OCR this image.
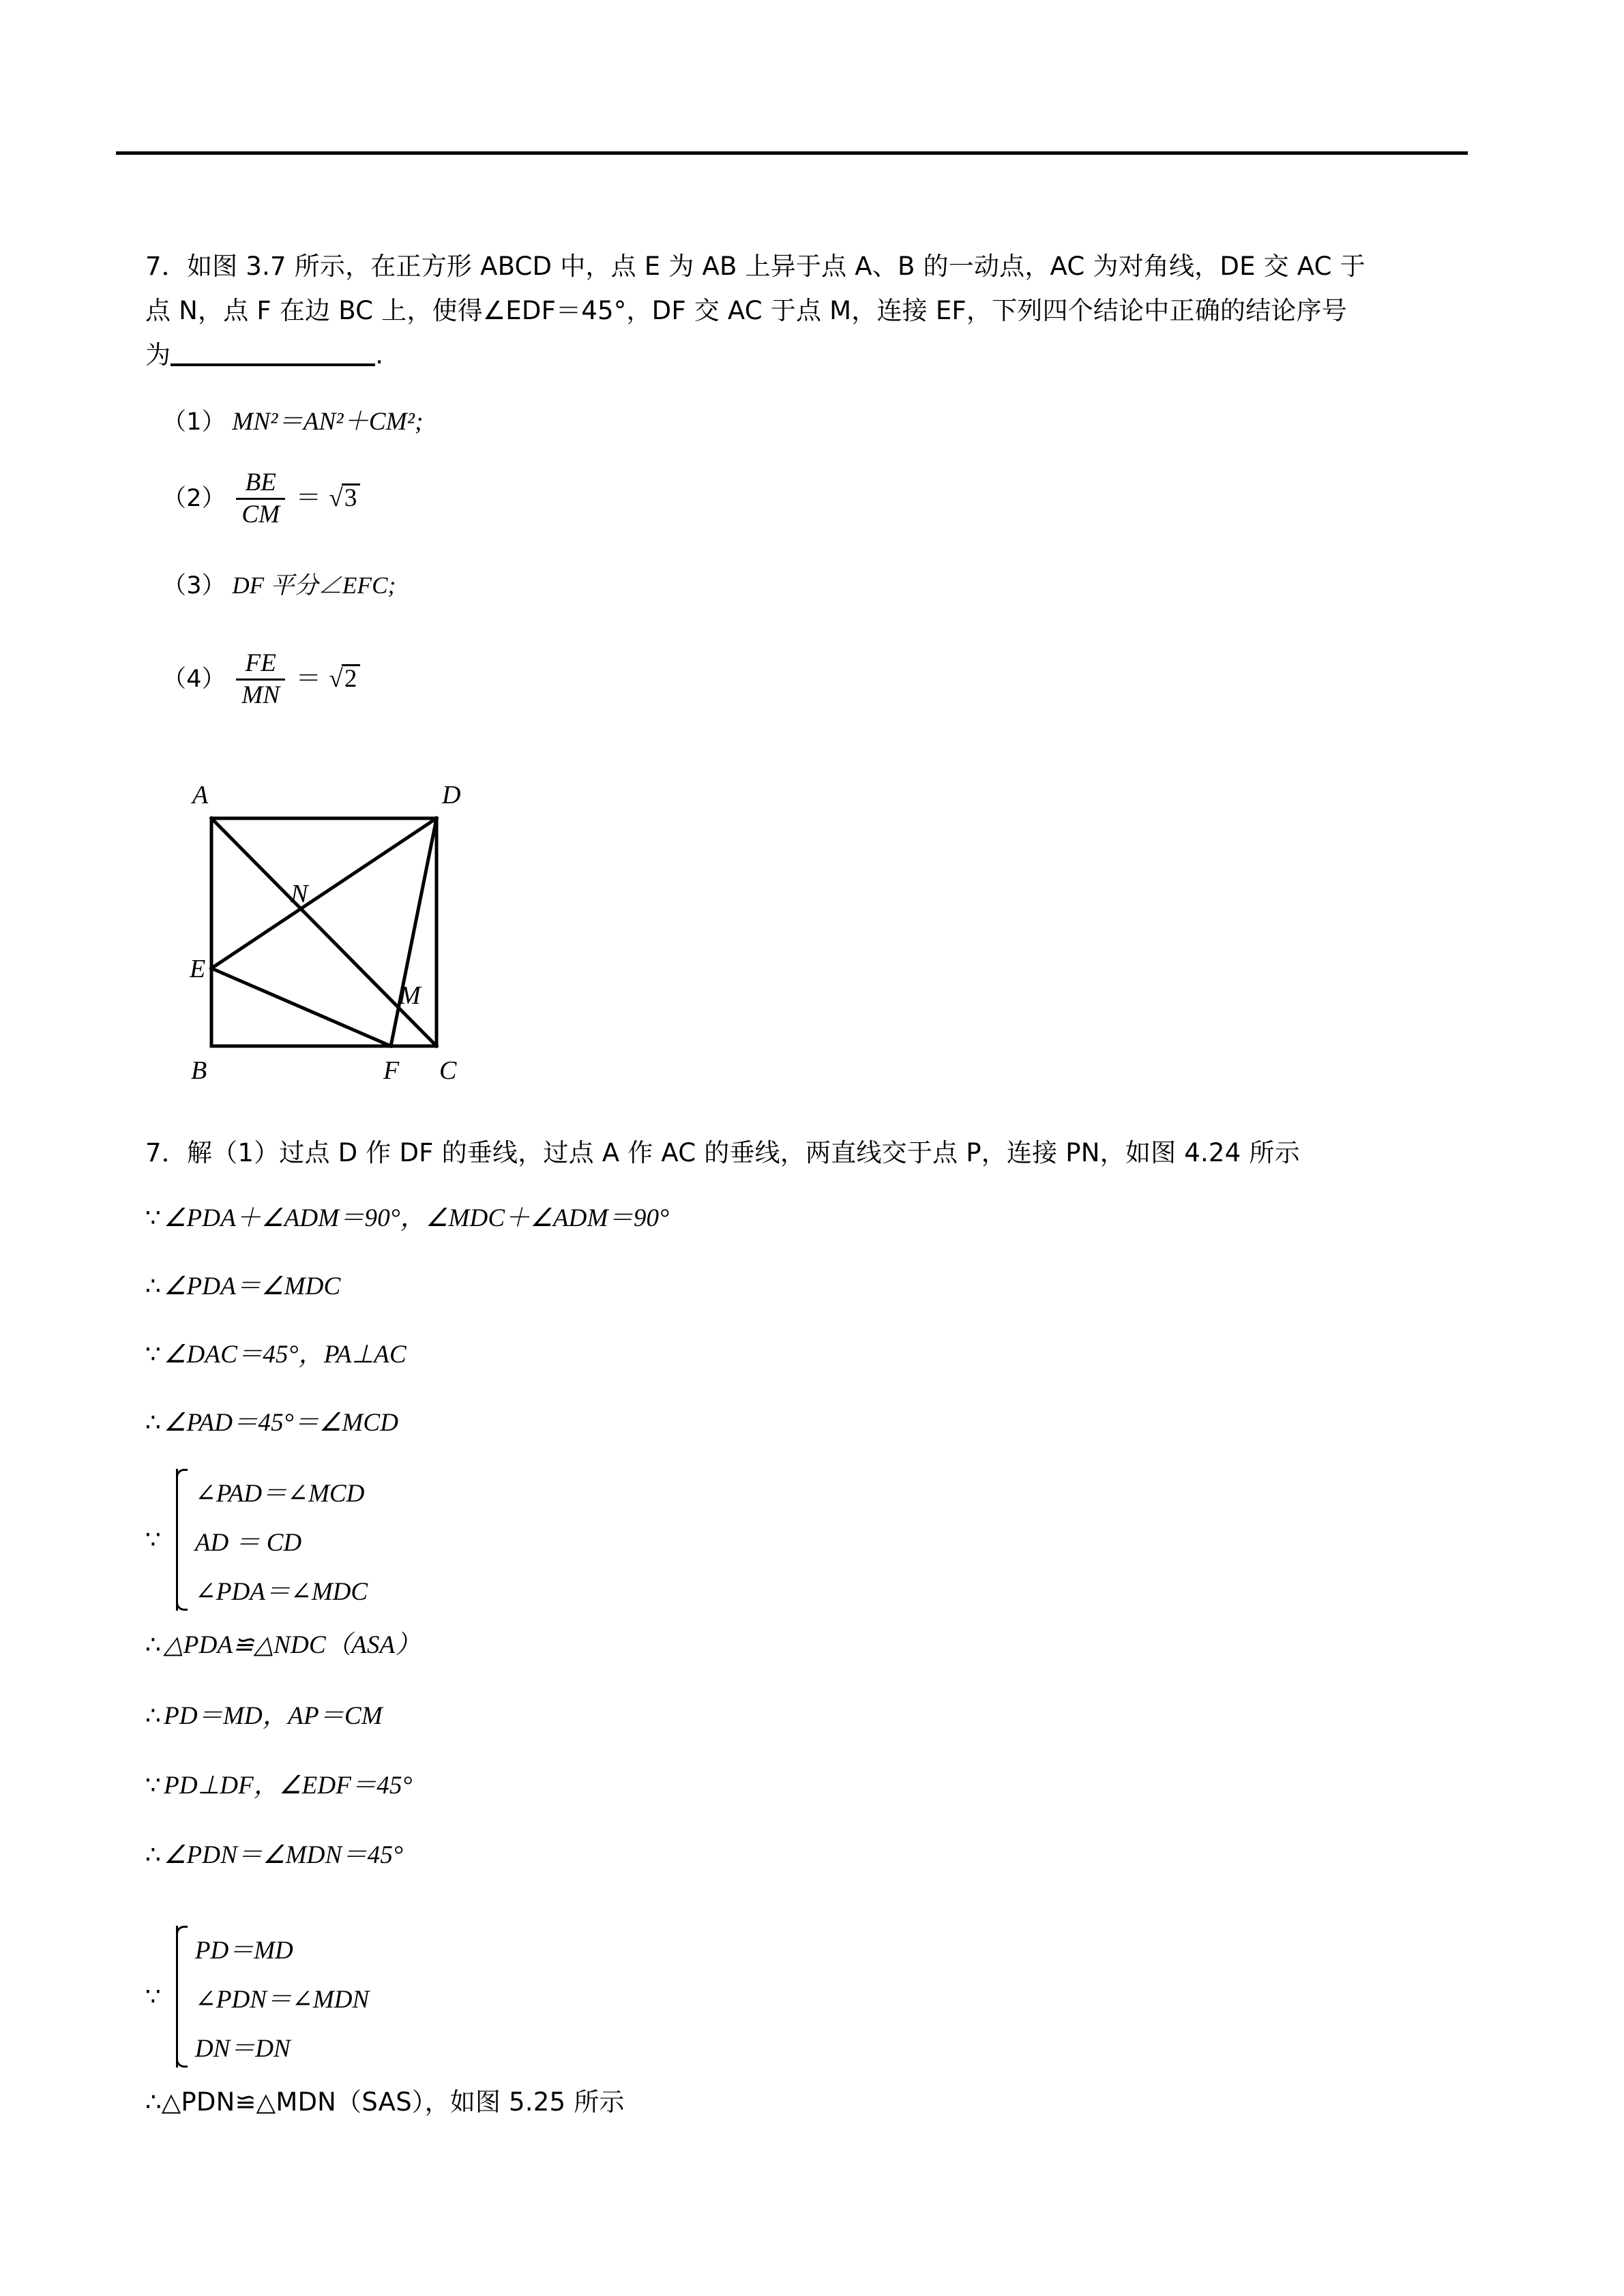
7．如图 3.7 所示，在正方形 ABCD 中，点 E 为 AB 上异于点 A、B 的一动点，AC 为对角线，DE 交 AC 于
点 N，点 F 在边 BC 上，使得∠EDF＝45°，DF 交 AC 于点 M，连接 EF，下列四个结论中正确的结论序号
为	.
（1） MN²＝AN²＋CM²;
$(2) \frac{BE}{CM} = √3$
（3） DF 平分∠EFC;
$(4) \frac{FE}{MN} = √2$
A	D
E
B	F C
N
M
7．解（1）过点 D 作 DF 的垂线，过点 A 作 AC 的垂线，两直线交于点 P，连接 PN，如图 4.24 所示
∵ ∠PDA＋∠ADM＝90°，∠MDC＋∠ADM＝90°
∴ ∠PDA＝∠MDC
∵ ∠DAC＝45°，PA⊥AC
∴ ∠PAD＝45°＝∠MCD
∵
∠PAD＝∠MCD
AD ＝ CD
∠PDA＝∠MDC
∴ △PDA≌△NDC（ASA）
∴ PD＝MD，AP＝CM
∵ PD⊥DF，∠EDF＝45°
∴ ∠PDN＝∠MDN＝45°
∵
PD＝MD
∠PDN＝∠MDN
DN＝DN
∴△PDN≌△MDN（SAS），如图 5.25 所示
